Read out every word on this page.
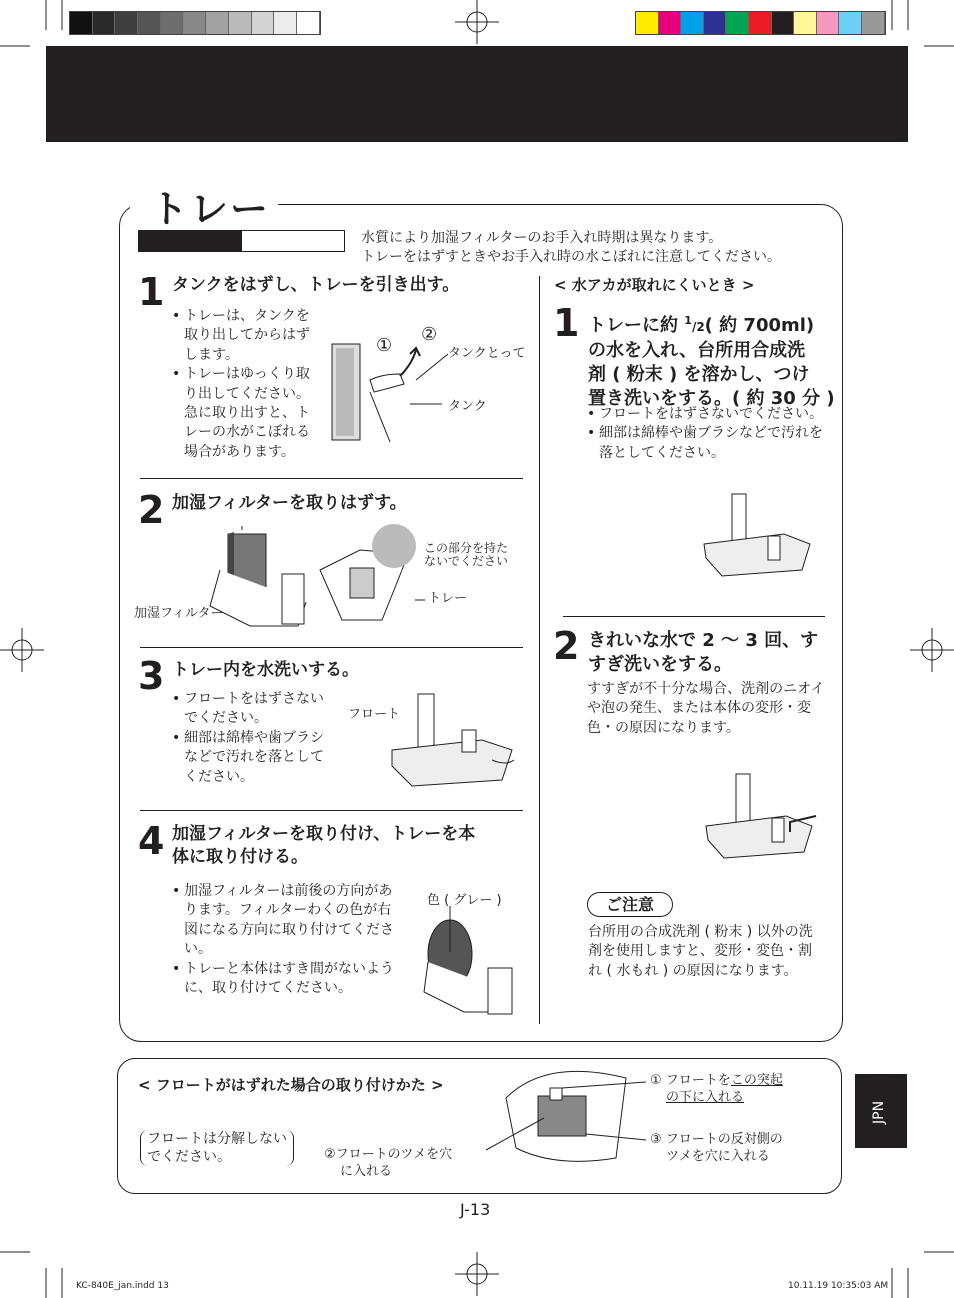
トレー
水質により加湿フィルターのお手入れ時期は異なります。
トレーをはずすときやお手入れ時の水こぼれに注意してください。
1 タンクをはずし、トレーを引き出す。
• トレーは、タンクを取り出してからはずします。
• トレーはゆっくり取り出してください。急に取り出すと、トレーの水がこぼれる場合があります。
①
②
タンクとって
タンク
2 加湿フィルターを取りはずす。
加湿フィルター
この部分を持た
ないでください
トレー
3 トレー内を水洗いする。
• フロートをはずさないでください。
• 細部は綿棒や歯ブラシなどで汚れを落としてください。
フロート
4 加湿フィルターを取り付け、トレーを本
体に取り付ける。
• 加湿フィルターは前後の方向があります。フィルターわくの色が右図になる方向に取り付けてください。
• トレーと本体はすき間がないように、取り付けてください。
色 ( グレー )
< 水アカが取れにくいとき >
1 トレーに約 $^1$/2( 約 700ml)
の水を入れ、台所用合成洗
剤 ( 粉末 ) を溶かし、つけ
置き洗いをする。( 約 30 分 )
• フロートをはずさないでください。
• 細部は綿棒や歯ブラシなどで汚れを落としてください。
2 きれいな水で 2 〜 3 回、す
すぎ洗いをする。
すすぎが不十分な場合、洗剤のニオイや泡の発生、または本体の変形・変色・の原因になります。
ご注意
台所用の合成洗剤 ( 粉末 ) 以外の洗剤を使用しますと、変形・変色・割れ ( 水もれ ) の原因になります。
< フロートがはずれた場合の取り付けかた >
フロートは分解しない
でください。
① フロートをこの突起
の下に入れる
②フロートのツメを穴
に入れる
③ フロートの反対側の
ツメを穴に入れる
JPN
J-13
KC-840E_jan.indd 13	10.11.19 10:35:03 AM
